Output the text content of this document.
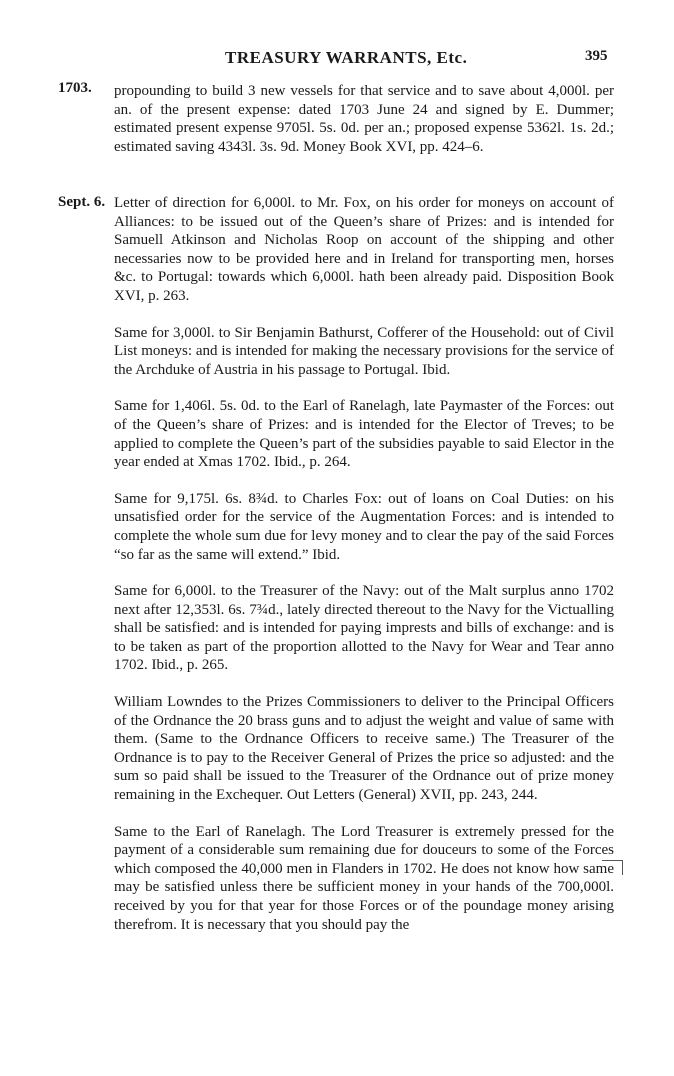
1703.
TREASURY WARRANTS, Etc.	395

propounding to build 3 new vessels for that service and to save about 4,000l. per an. of the present expense: dated 1703 June 24 and signed by E. Dummer; estimated present expense 9705l. 5s. 0d. per an.; proposed expense 5362l. 1s. 2d.; estimated saving 4343l. 3s. 9d. Money Book XVI, pp. 424–6.

Sept. 6. Letter of direction for 6,000l. to Mr. Fox, on his order for moneys on account of Alliances: to be issued out of the Queen’s share of Prizes: and is intended for Samuell Atkinson and Nicholas Roop on account of the shipping and other necessaries now to be provided here and in Ireland for transporting men, horses &c. to Portugal: towards which 6,000l. hath been already paid. Disposition Book XVI, p. 263.

Same for 3,000l. to Sir Benjamin Bathurst, Cofferer of the Household: out of Civil List moneys: and is intended for making the necessary provisions for the service of the Archduke of Austria in his passage to Portugal. Ibid.

Same for 1,406l. 5s. 0d. to the Earl of Ranelagh, late Paymaster of the Forces: out of the Queen’s share of Prizes: and is intended for the Elector of Treves; to be applied to complete the Queen’s part of the subsidies payable to said Elector in the year ended at Xmas 1702. Ibid., p. 264.

Same for 9,175l. 6s. 8¾d. to Charles Fox: out of loans on Coal Duties: on his unsatisfied order for the service of the Augmentation Forces: and is intended to complete the whole sum due for levy money and to clear the pay of the said Forces “so far as the same will extend.” Ibid.

Same for 6,000l. to the Treasurer of the Navy: out of the Malt surplus anno 1702 next after 12,353l. 6s. 7¾d., lately directed thereout to the Navy for the Victualling shall be satisfied: and is intended for paying imprests and bills of exchange: and is to be taken as part of the proportion allotted to the Navy for Wear and Tear anno 1702. Ibid., p. 265.

William Lowndes to the Prizes Commissioners to deliver to the Principal Officers of the Ordnance the 20 brass guns and to adjust the weight and value of same with them. (Same to the Ordnance Officers to receive same.) The Treasurer of the Ordnance is to pay to the Receiver General of Prizes the price so adjusted: and the sum so paid shall be issued to the Treasurer of the Ordnance out of prize money remaining in the Exchequer. Out Letters (General) XVII, pp. 243, 244.

Same to the Earl of Ranelagh. The Lord Treasurer is extremely pressed for the payment of a considerable sum remaining due for douceurs to some of the Forces which composed the 40,000 men in Flanders in 1702. He does not know how same may be satisfied unless there be sufficient money in your hands of the 700,000l. received by you for that year for those Forces or of the poundage money arising therefrom. It is necessary that you should pay the
